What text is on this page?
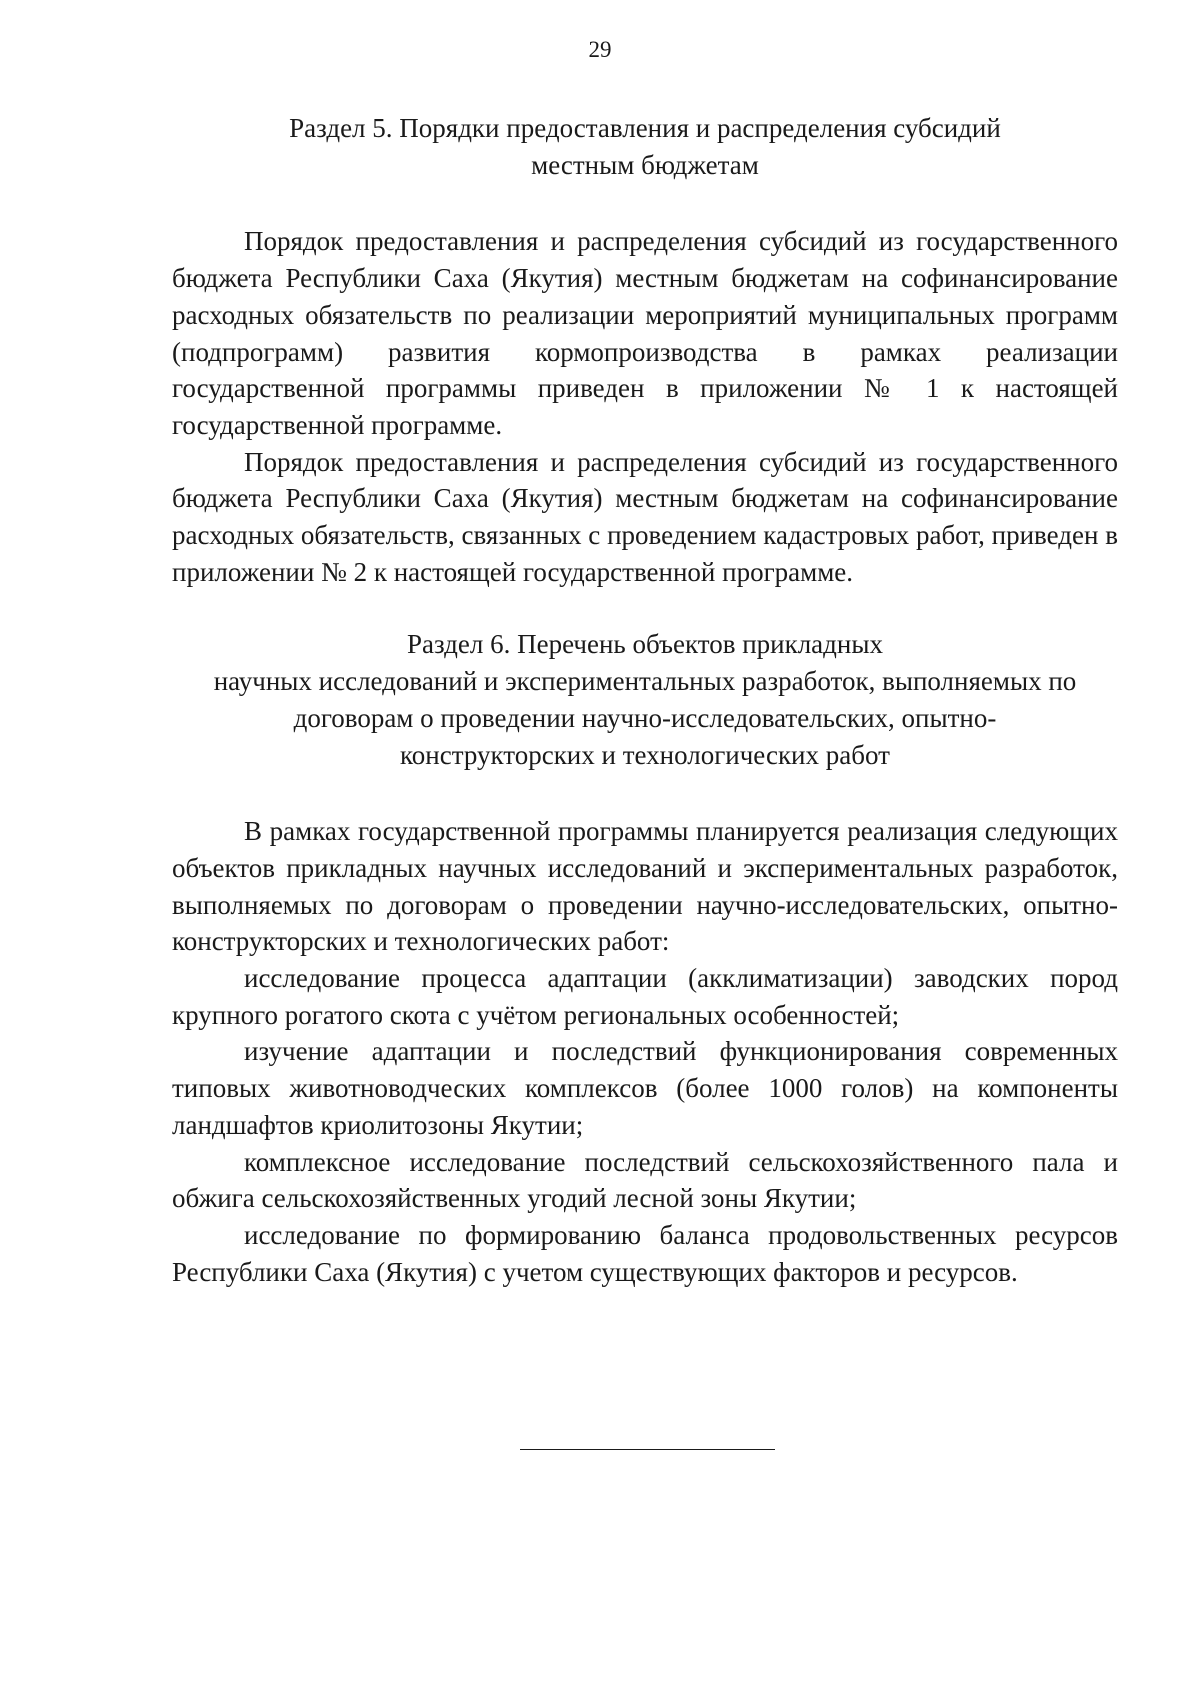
29
Раздел 5. Порядки предоставления и распределения субсидий
местным бюджетам

Порядок предоставления и распределения субсидий из государственного бюджета Республики Саха (Якутия) местным бюджетам на софинансирование расходных обязательств по реализации мероприятий муниципальных программ (подпрограмм) развития кормопроизводства в рамках реализации государственной программы приведен в приложении № 1 к настоящей государственной программе.

Порядок предоставления и распределения субсидий из государственного бюджета Республики Саха (Якутия) местным бюджетам на софинансирование расходных обязательств, связанных с проведением кадастровых работ, приведен в приложении № 2 к настоящей государственной программе.

Раздел 6. Перечень объектов прикладных
научных исследований и экспериментальных разработок, выполняемых по
договорам о проведении научно-исследовательских, опытно-
конструкторских и технологических работ

В рамках государственной программы планируется реализация следующих объектов прикладных научных исследований и экспериментальных разработок, выполняемых по договорам о проведении научно-исследовательских, опытно-конструкторских и технологических работ:

исследование процесса адаптации (акклиматизации) заводских пород крупного рогатого скота с учётом региональных особенностей;

изучение адаптации и последствий функционирования современных типовых животноводческих комплексов (более 1000 голов) на компоненты ландшафтов криолитозоны Якутии;

комплексное исследование последствий сельскохозяйственного пала и обжига сельскохозяйственных угодий лесной зоны Якутии;

исследование по формированию баланса продовольственных ресурсов Республики Саха (Якутия) с учетом существующих факторов и ресурсов.
